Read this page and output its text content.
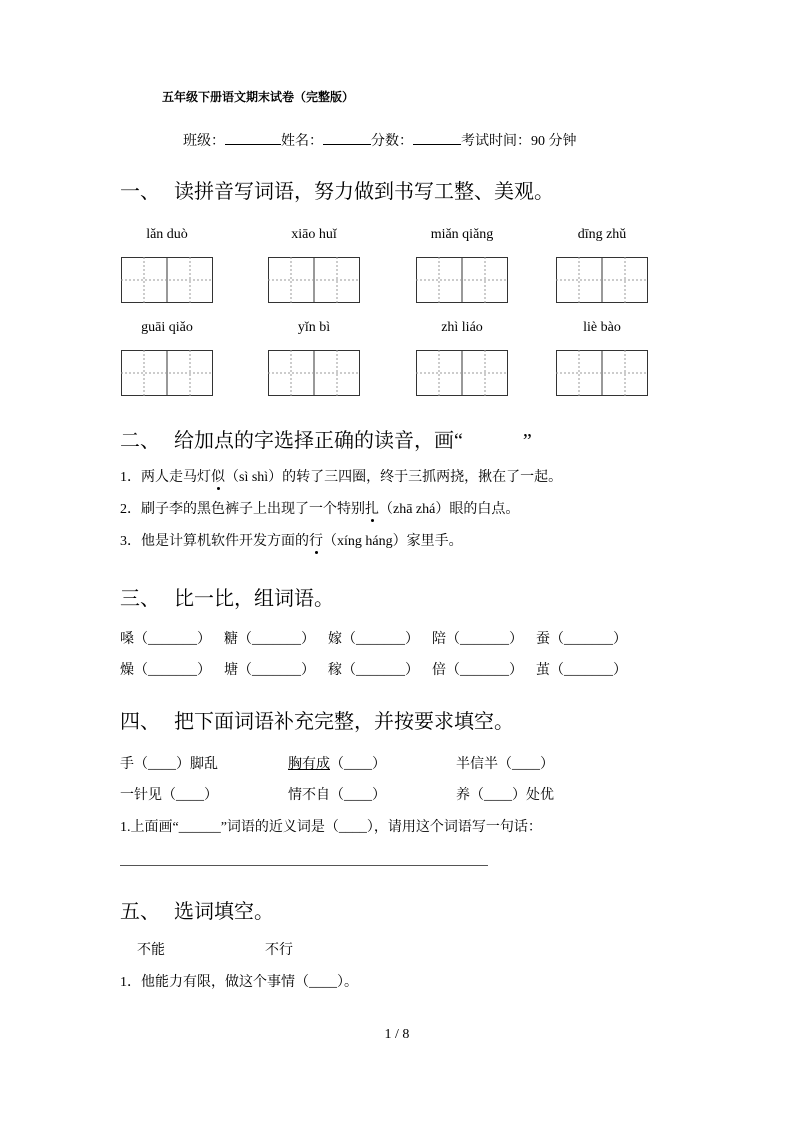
五年级下册语文期末试卷（完整版）
班级：	姓名：	分数：	考试时间：90 分钟
一、 读拼音写词语，努力做到书写工整、美观。
lǎn duò	xiāo huǐ	miǎn qiǎng	dīng zhǔ
guāi qiǎo	yǐn bì	zhì liáo	liè bào
二、 给加点的字选择正确的读音，画“　　　”
1．两人走马灯似（sì shì）的转了三四圈，终于三抓两挠，揪在了一起。
2．刷子李的黑色裤子上出现了一个特别扎（zhā zhá）眼的白点。
3．他是计算机软件开发方面的行（xíng háng）家里手。
三、 比一比，组词语。
嗓（_______） 糖（_______） 嫁（_______） 陪（_______） 蚕（_______）
燥（_______） 塘（_______） 稼（_______） 倍（_______） 茧（_______）
四、 把下面词语补充完整，并按要求填空。
手（____）脚乱	胸有成（____）	半信半（____）
一针见（____）	情不自（____）	养（____）处优
1.上面画“______”词语的近义词是（____），请用这个词语写一句话：
五、 选词填空。
不能	不行
1．他能力有限，做这个事情（____）。
1 / 8
